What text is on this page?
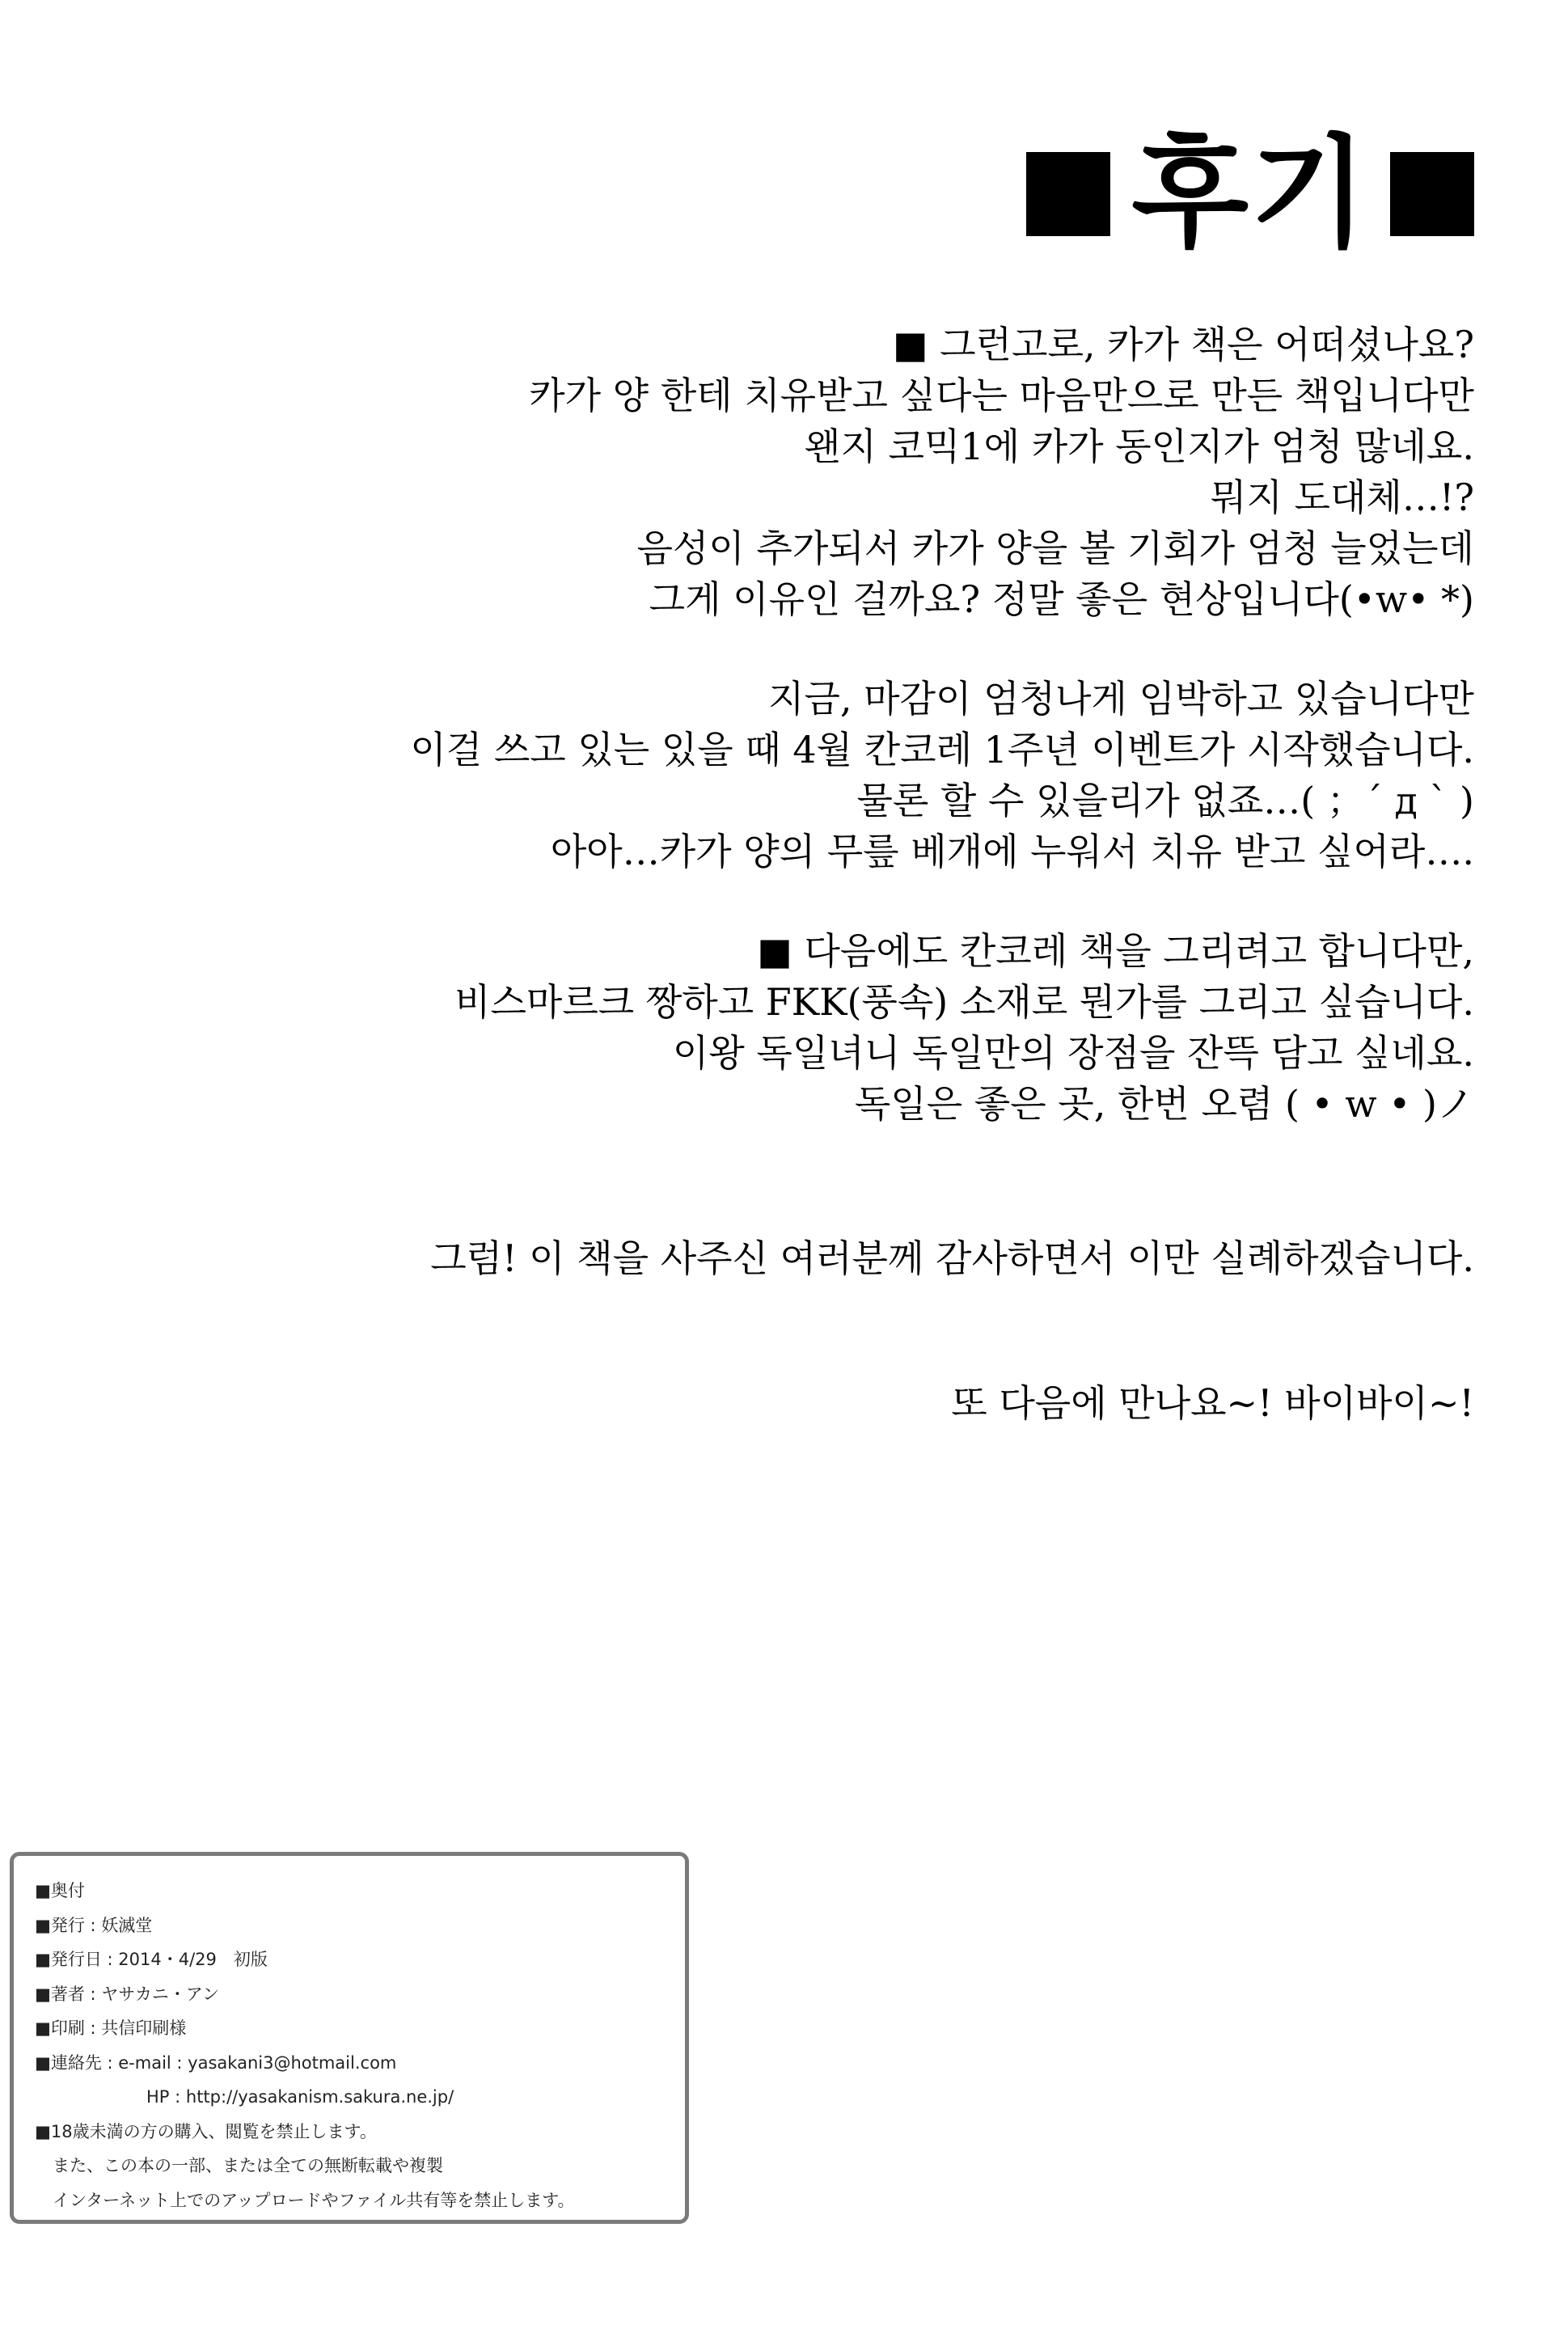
후기

■ 그런고로, 카가 책은 어떠셨나요?

카가 양 한테 치유받고 싶다는 마음만으로 만든 책입니다만

왠지 코믹1에 카가 동인지가 엄청 많네요.

뭐지 도대체…!?

음성이 추가되서 카가 양을 볼 기회가 엄청 늘었는데

그게 이유인 걸까요? 정말 좋은 현상입니다(•w• *)

지금, 마감이 엄청나게 임박하고 있습니다만

이걸 쓰고 있는 있을 때 4월 칸코레 1주년 이벤트가 시작했습니다.

물론 할 수 있을리가 없죠…( ；´ д ` )

아아…카가 양의 무릎 베개에 누워서 치유 받고 싶어라….

■ 다음에도 칸코레 책을 그리려고 합니다만,

비스마르크 짱하고 FKK(풍속) 소재로 뭔가를 그리고 싶습니다.

이왕 독일녀니 독일만의 장점을 잔뜩 담고 싶네요.

독일은 좋은 곳, 한번 오렴 ( • w • )ノ

그럼! 이 책을 사주신 여러분께 감사하면서 이만 실례하겠습니다.

또 다음에 만나요~! 바이바이~!

■奥付

■発行 : 妖滅堂

■発行日 : 2014・4/29　初版

■著者 : ヤサカニ・アン

■印刷 : 共信印刷様

■連絡先 : e-mail : yasakani3@hotmail.com

HP : http://yasakanism.sakura.ne.jp/

■18歳未満の方の購入、閲覧を禁止します。

また、この本の一部、または全ての無断転載や複製

インターネット上でのアップロードやファイル共有等を禁止します。
